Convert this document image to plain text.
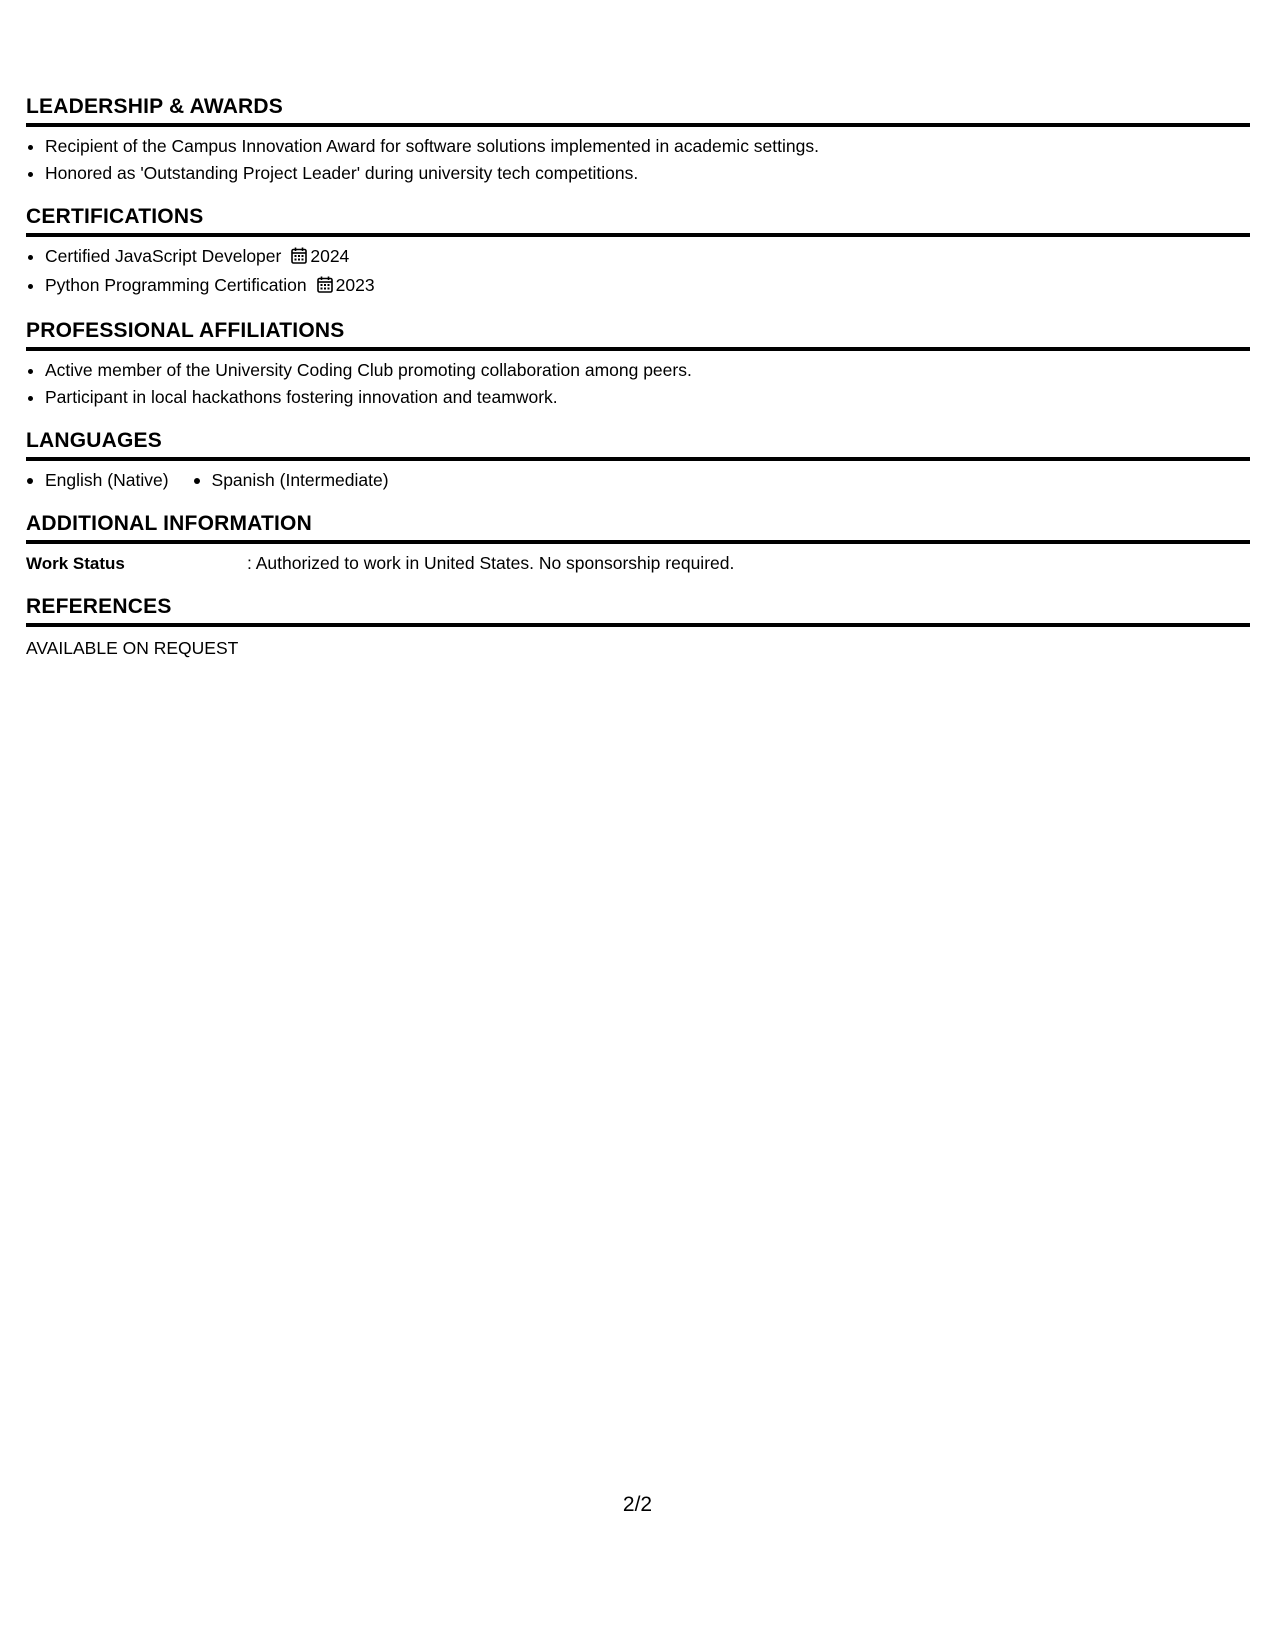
LEADERSHIP & AWARDS
• Recipient of the Campus Innovation Award for software solutions implemented in academic settings.
• Honored as 'Outstanding Project Leader' during university tech competitions.
CERTIFICATIONS
• Certified JavaScript Developer 2024
• Python Programming Certification 2023
PROFESSIONAL AFFILIATIONS
• Active member of the University Coding Club promoting collaboration among peers.
• Participant in local hackathons fostering innovation and teamwork.
LANGUAGES
English (Native)	Spanish (Intermediate)
ADDITIONAL INFORMATION
Work Status	: Authorized to work in United States. No sponsorship required.
REFERENCES
AVAILABLE ON REQUEST
2/2
